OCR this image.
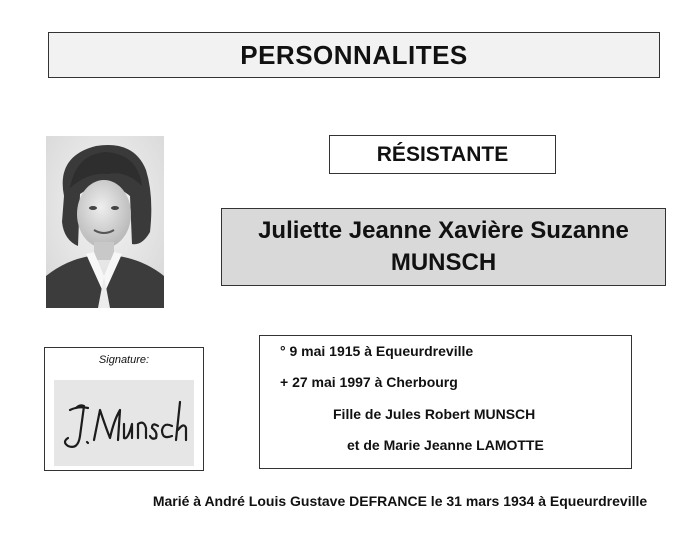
PERSONNALITES
RÉSISTANTE
Juliette Jeanne Xavière Suzanne
MUNSCH
Signature:
° 9 mai 1915 à Equeurdreville
+ 27 mai 1997 à Cherbourg
Fille de Jules Robert MUNSCH
et de Marie Jeanne LAMOTTE
Marié à André Louis Gustave DEFRANCE le 31 mars 1934 à Equeurdreville
